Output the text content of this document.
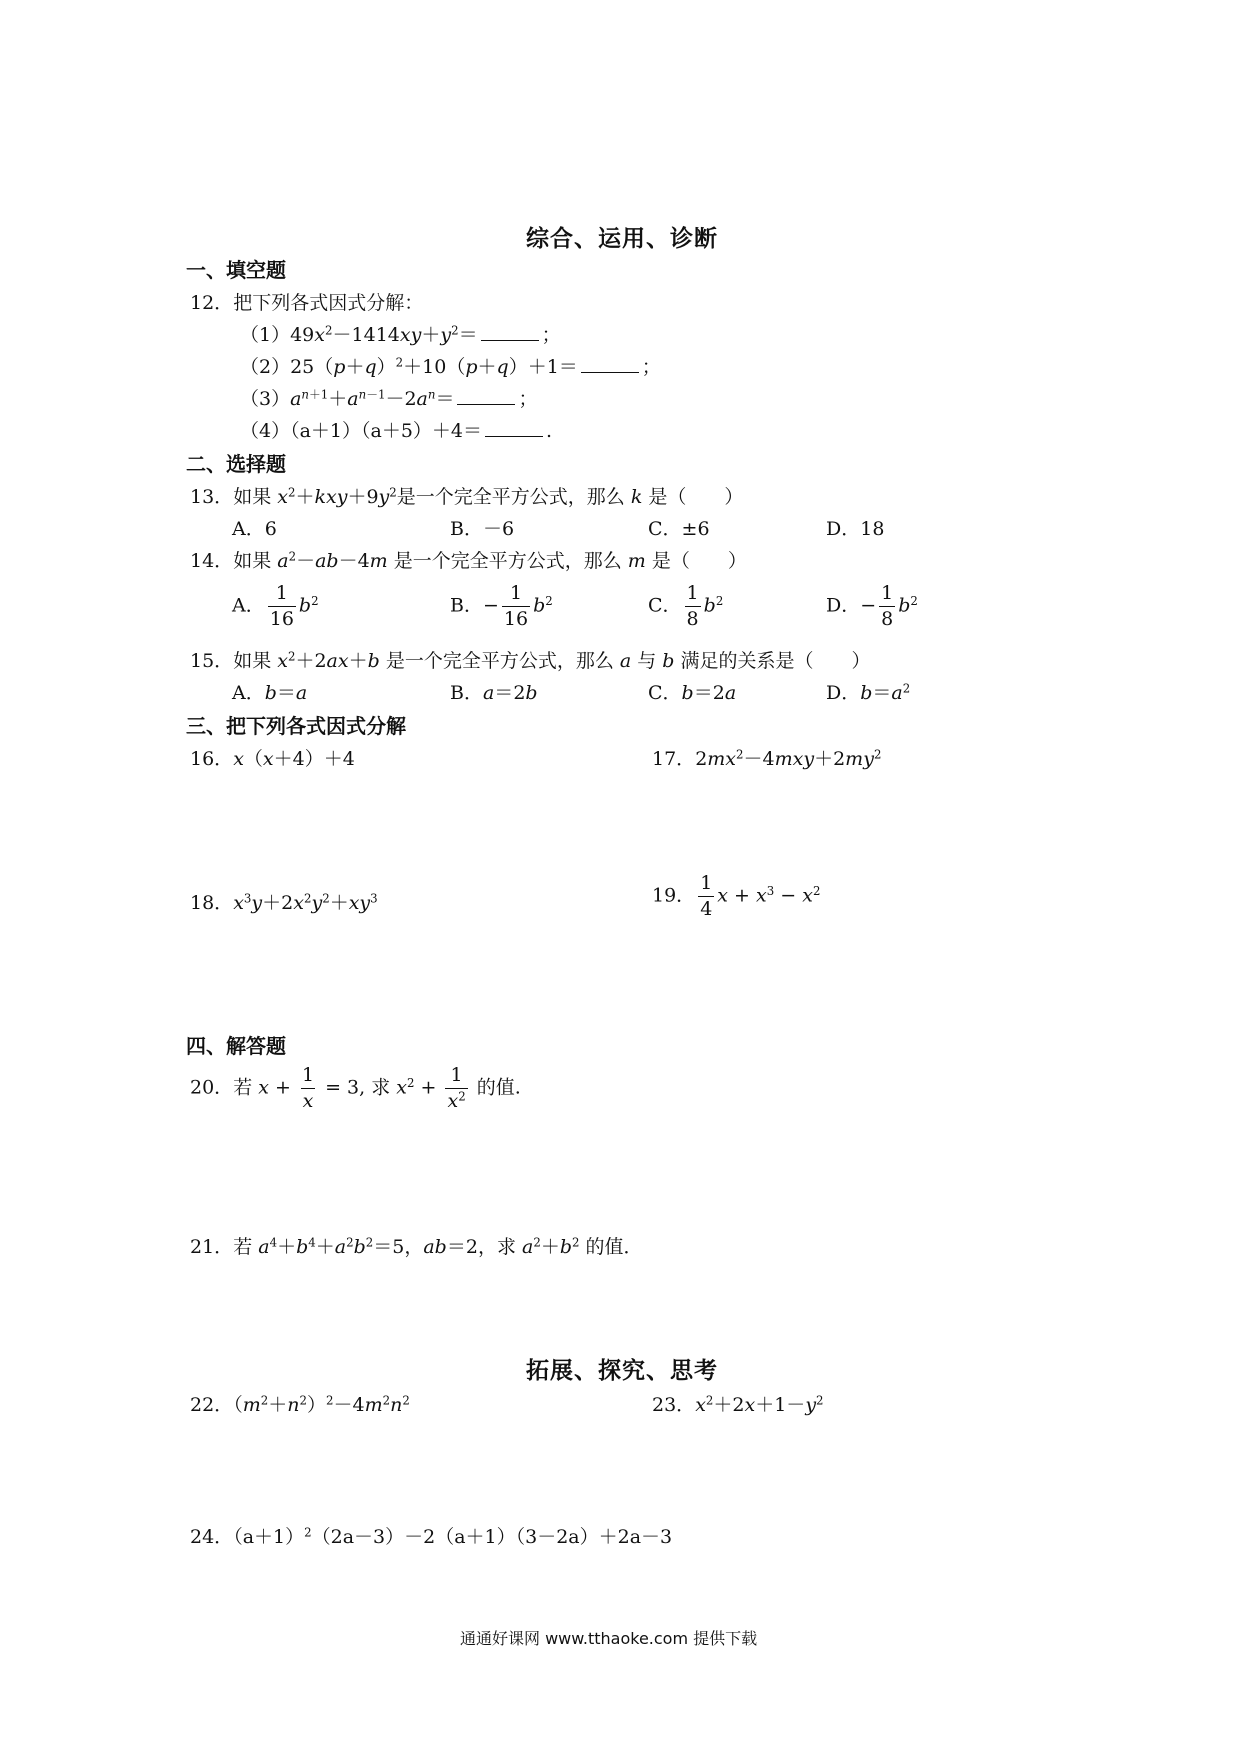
综合、运用、诊断
一、填空题
12．把下列各式因式分解：
$(1)49x^2-1414xy+y^2=$	；
$(2)25(p+q)^2+10(p+q)+1=$	；
$(3)a^{n+1}+a^{n-1}-2a^n=$	；
（4）（a＋1）（a＋5）＋4＝	.
二、选择题
13．如果 $x^2+kxy+9y^2$是一个完全平方公式，那么 k 是（　　）
A．6	B．－6	C．±6	D．18
14．如果 $a^2-ab-4m$ 是一个完全平方公式，那么 m 是（　　）
A． $\frac{1}{16} b^2$	B．− $\frac{1}{16} b^2$	C． $\frac{1}{8} b^2$	D．− $\frac{1}{8} b^2$
15．如果 $x^2+2ax+b$ 是一个完全平方公式，那么 a 与 b 满足的关系是（　　）
A．b＝a	B．a＝2b	C．b＝2a	D．$b=a^2$
三、把下列各式因式分解
16．x（x＋4）＋4	17．$2mx^2-4mxy+2my^2$
18．$x^3y+2x^2y^2+xy^3$	19． $\frac{1}{4}$ $x + x^3 - x^2$
四、解答题
20．若 $x + \frac{1}{x} = 3$, 求 $x^2 + \frac{1}{x^2}$ 的值.
21．若 $a^4+b^4+a^2b^2=5$，ab＝2，求 $a^2+b^2$ 的值．
拓展、探究、思考
22．$(m^2+n^2)^2-4m^2n^2$	23．$x^2+2x+1-y^2$
24．$(a+1)^2(2a-3)-2(a+1)(3-2a)+2a-3$
通通好课网 www.tthaoke.com 提供下载
